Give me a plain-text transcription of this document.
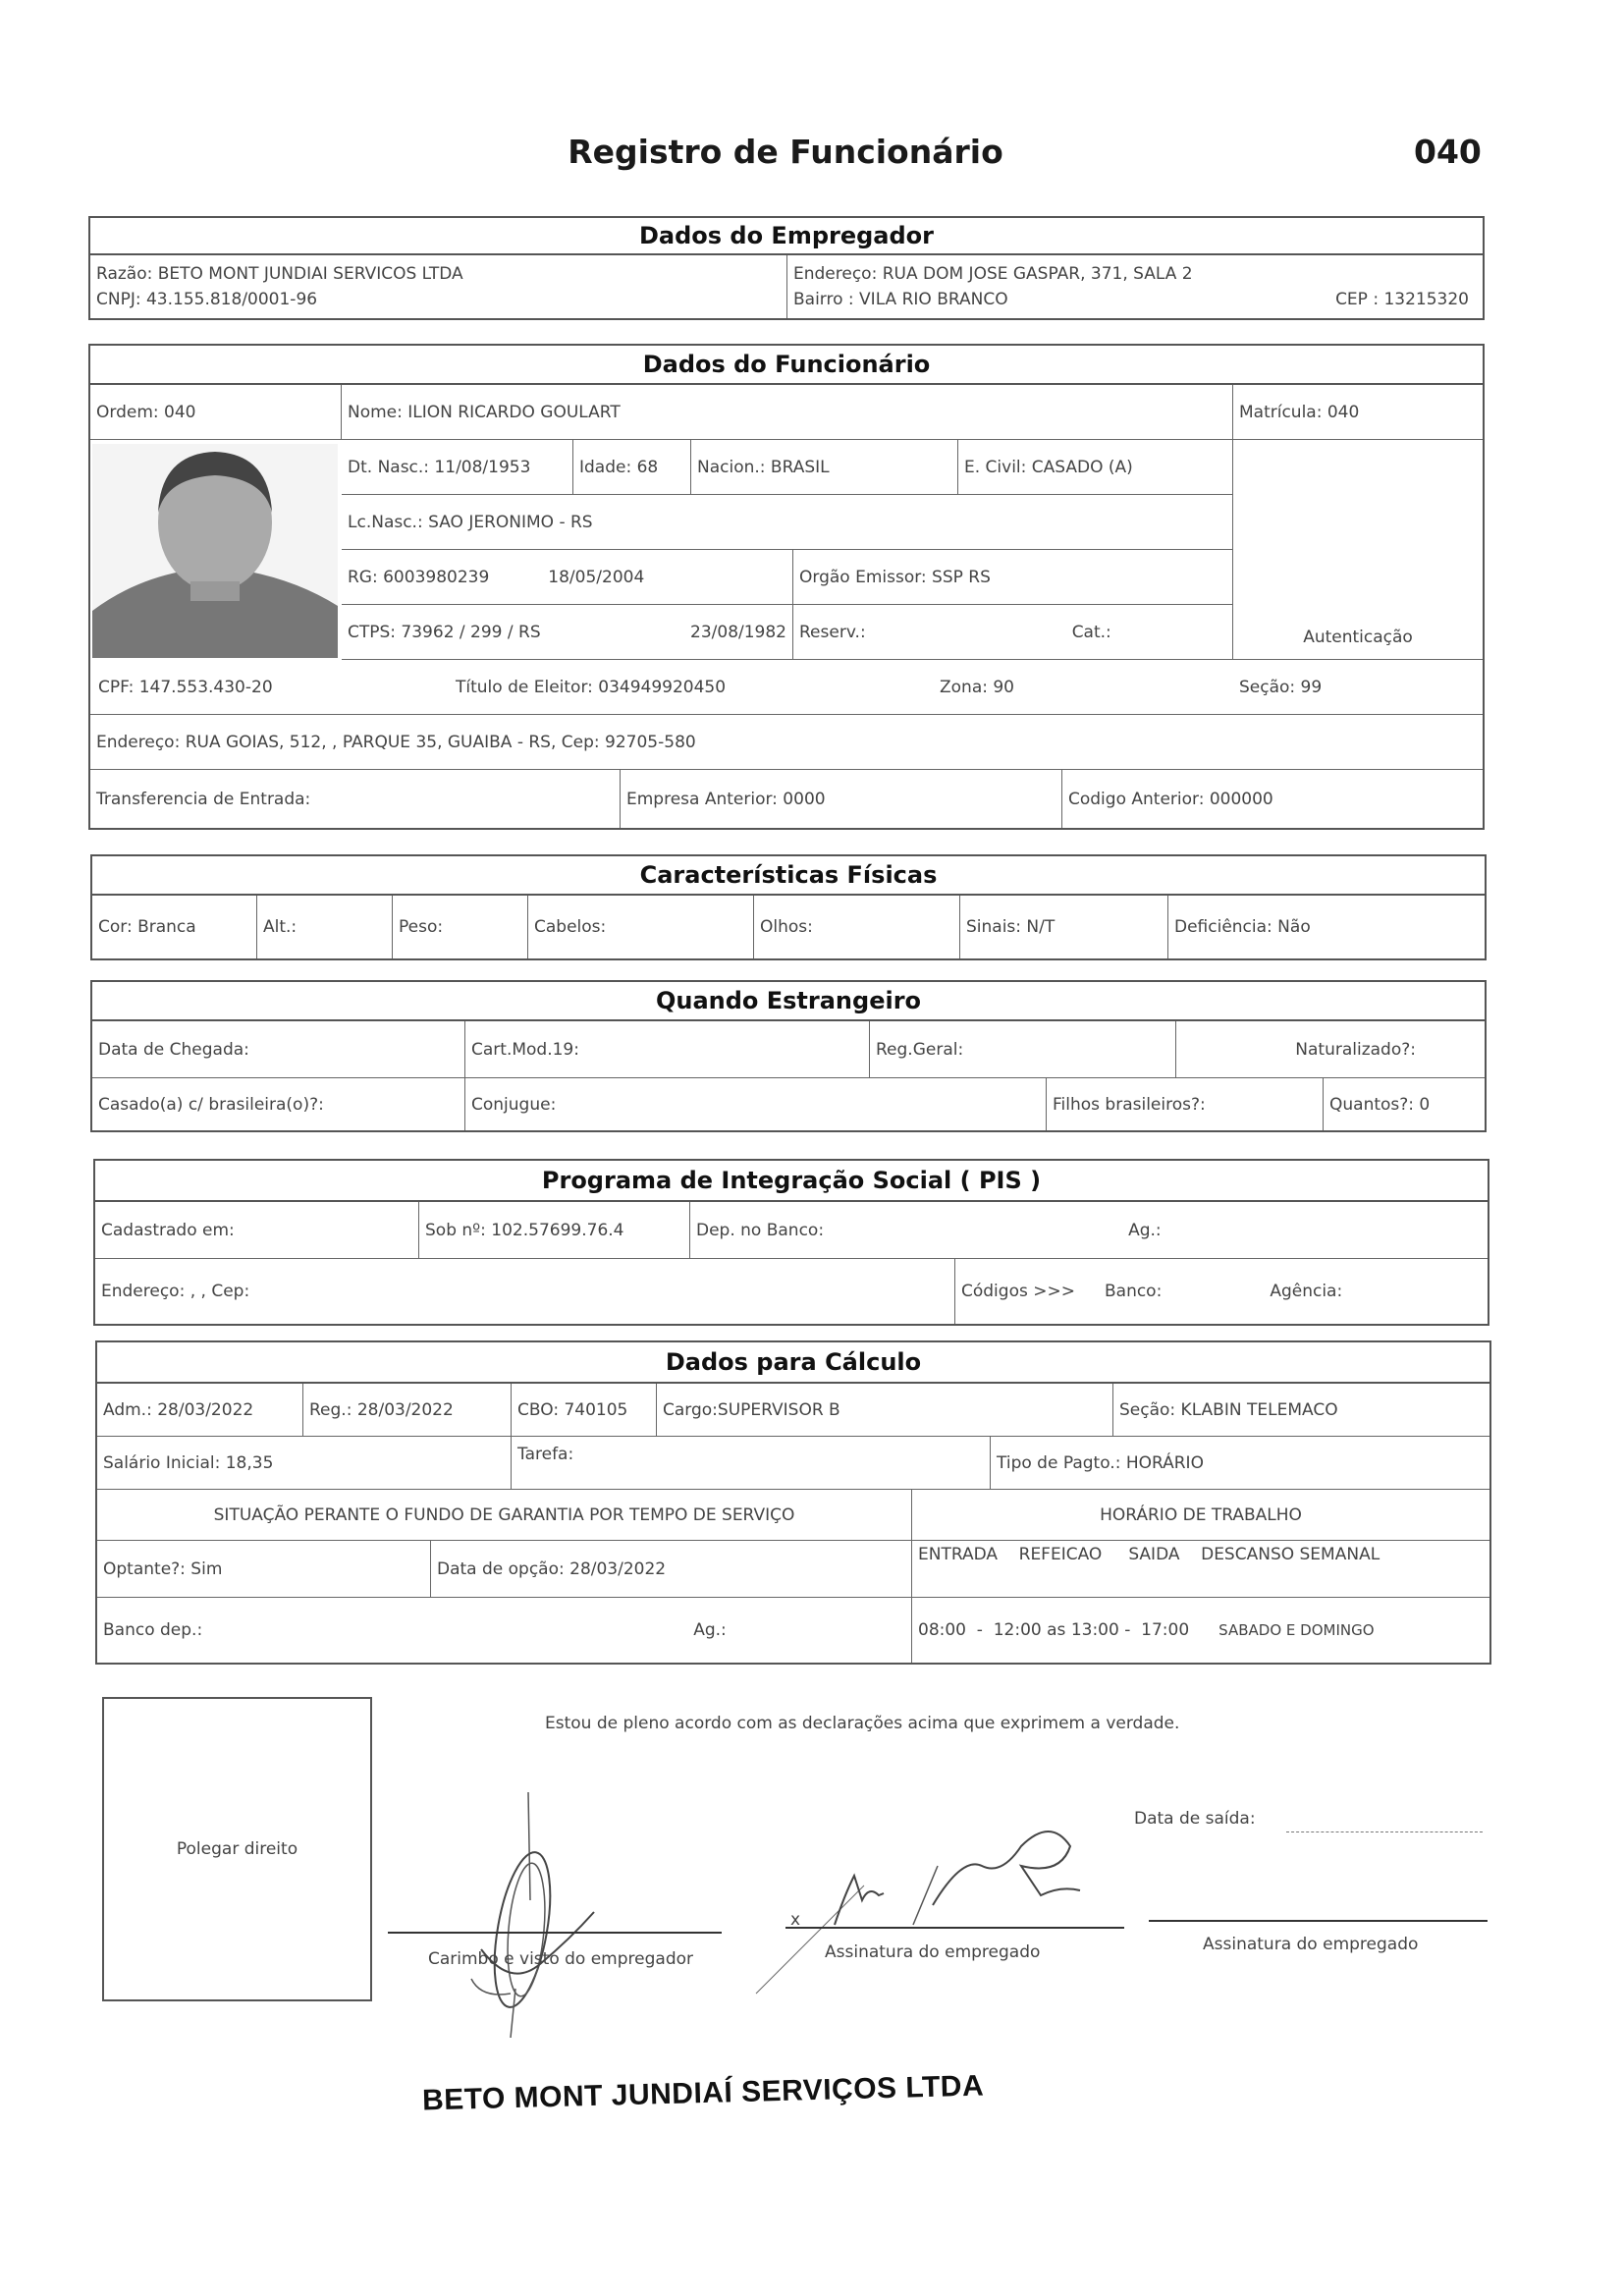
Registro de Funcionário	040
Dados do Empregador
Razão: BETO MONT JUNDIAI SERVICOS LTDA
CNPJ: 43.155.818/0001-96
Endereço: RUA DOM JOSE GASPAR, 371, SALA 2
Bairro : VILA RIO BRANCO	CEP : 13215320
Dados do Funcionário
Ordem: 040	Nome: ILION RICARDO GOULART	Matrícula: 040
Dt. Nasc.: 11/08/1953	Idade: 68	Nacion.: BRASIL	E. Civil: CASADO (A)
Lc.Nasc.: SAO JERONIMO - RS
RG: 6003980239	18/05/2004	Orgão Emissor: SSP RS
CTPS: 73962 / 299 / RS	23/08/1982 Reserv.:	Cat.:	Autenticação
CPF: 147.553.430-20	Título de Eleitor: 034949920450	Zona: 90	Seção: 99
Endereço: RUA GOIAS, 512, , PARQUE 35, GUAIBA - RS, Cep: 92705-580
Transferencia de Entrada:	Empresa Anterior: 0000	Codigo Anterior: 000000
Características Físicas
Cor: Branca	Alt.:	Peso:	Cabelos:	Olhos:	Sinais: N/T	Deficiência: Não
Quando Estrangeiro
Data de Chegada:	Cart.Mod.19:	Reg.Geral:	Naturalizado?:
Casado(a) c/ brasileira(o)?:	Conjugue:	Filhos brasileiros?:	Quantos?: 0
Programa de Integração Social ( PIS )
Cadastrado em:	Sob nº: 102.57699.76.4	Dep. no Banco:	Ag.:
Endereço: , , Cep:	Códigos >>> Banco:	Agência:
Dados para Cálculo
Adm.: 28/03/2022	Reg.: 28/03/2022	CBO: 740105	Cargo:SUPERVISOR B	Seção: KLABIN TELEMACO
Salário Inicial: 18,35	Tarefa:	Tipo de Pagto.: HORÁRIO
SITUAÇÃO PERANTE O FUNDO DE GARANTIA POR TEMPO DE SERVIÇO	HORÁRIO DE TRABALHO
Optante?: Sim	Data de opção: 28/03/2022
ENTRADA    REFEICAO     SAIDA    DESCANSO SEMANAL
Banco dep.:	Ag.:	08:00  -  12:00 as 13:00 -  17:00 SABADO E DOMINGO
Polegar direito
Estou de pleno acordo com as declarações acima que exprimem a verdade.
Data de saída:
Carimbo e visto do empregador
x
Assinatura do empregado	Assinatura do empregado
BETO MONT JUNDIAÍ SERVIÇOS LTDA
